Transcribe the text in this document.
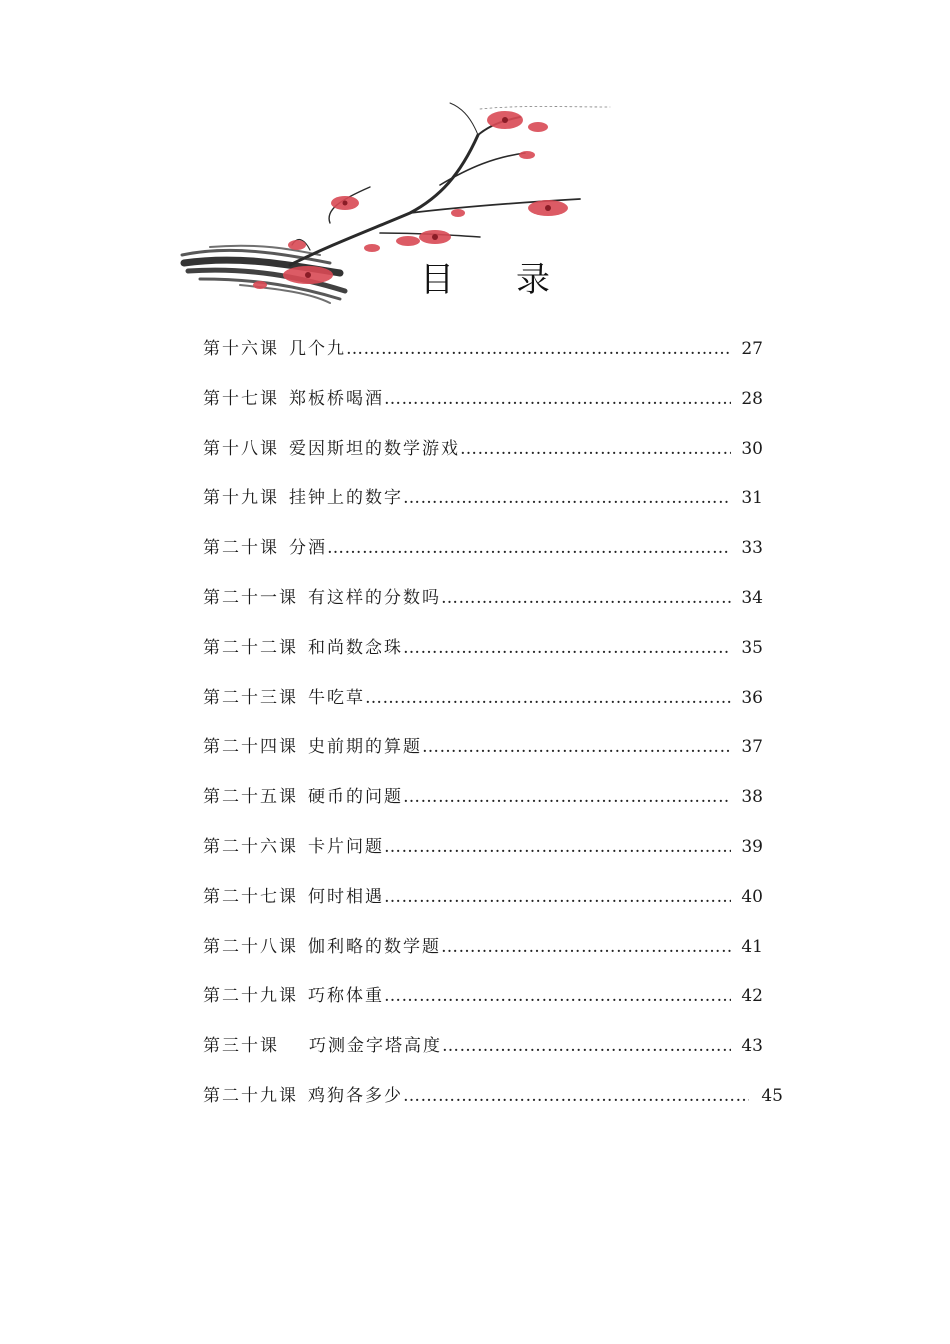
目录
第十六课 几个九 ……………………………………………………………………………………………………………………	27
第十七课 郑板桥喝酒 ……………………………………………………………………………………………………………………	28
第十八课 爱因斯坦的数学游戏 ……………………………………………………………………………………………………………………	30
第十九课 挂钟上的数字 ……………………………………………………………………………………………………………………	31
第二十课 分酒 ……………………………………………………………………………………………………………………	33
第二十一课 有这样的分数吗 ……………………………………………………………………………………………………………………	34
第二十二课 和尚数念珠 ……………………………………………………………………………………………………………………	35
第二十三课 牛吃草 ……………………………………………………………………………………………………………………	36
第二十四课 史前期的算题 ……………………………………………………………………………………………………………………	37
第二十五课 硬币的问题 ……………………………………………………………………………………………………………………	38
第二十六课 卡片问题 ……………………………………………………………………………………………………………………	39
第二十七课 何时相遇 ……………………………………………………………………………………………………………………	40
第二十八课 伽利略的数学题 ……………………………………………………………………………………………………………………	41
第二十九课 巧称体重 ……………………………………………………………………………………………………………………	42
第三十课 巧测金字塔高度 ……………………………………………………………………………………………………………………	43
第二十九课 鸡狗各多少 ……………………………………………………………………………………………………………………	45
